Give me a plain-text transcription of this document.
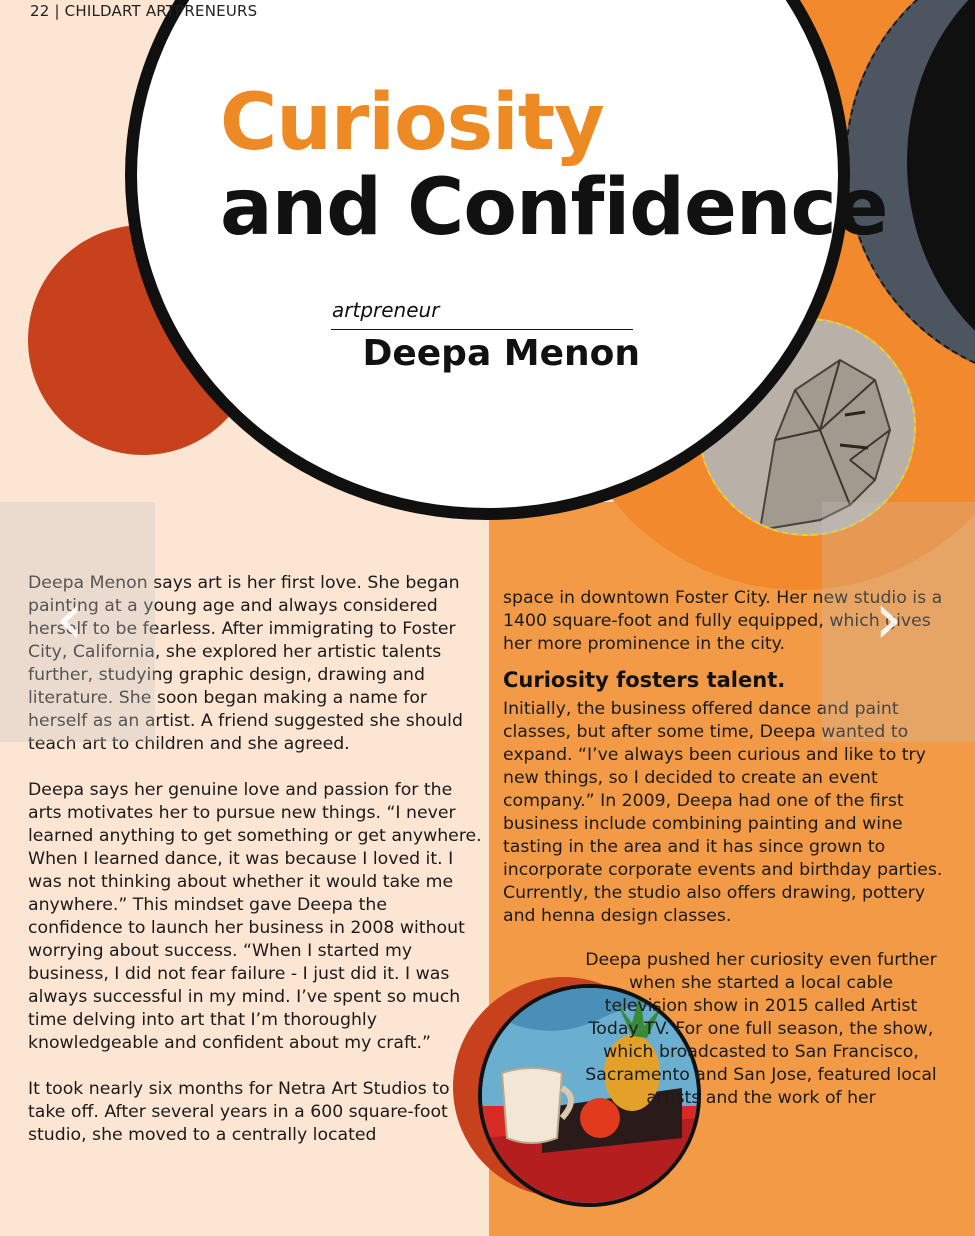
22 | CHILDART ARTPRENEURS
Curiosity
and Confidence
artpreneur
Deepa Menon

Deepa Menon says art is her first love. She began painting at a young age and always considered herself to be fearless. After immigrating to Foster City, California, she explored her artistic talents further, studying graphic design, drawing and literature. She soon began making a name for herself as an artist. A friend suggested she should teach art to children and she agreed.

Deepa says her genuine love and passion for the arts motivates her to pursue new things. “I never learned anything to get something or get anywhere. When I learned dance, it was because I loved it. I was not thinking about whether it would take me anywhere.” This mindset gave Deepa the confidence to launch her business in 2008 without worrying about success. “When I started my business, I did not fear failure - I just did it. I was always successful in my mind. I’ve spent so much time delving into art that I’m thoroughly knowledgeable and confident about my craft.”

It took nearly six months for Netra Art Studios to take off. After several years in a 600 square-foot studio, she moved to a centrally located

space in downtown Foster City. Her new studio is a 1400 square-foot and fully equipped, which gives her more prominence in the city.

Curiosity fosters talent.

Initially, the business offered dance and paint classes, but after some time, Deepa wanted to expand. “I’ve always been curious and like to try new things, so I decided to create an event company.” In 2009, Deepa had one of the first business include combining painting and wine tasting in the area and it has since grown to incorporate corporate events and birthday parties. Currently, the studio also offers drawing, pottery and henna design classes.

Deepa pushed her curiosity even further when she started a local cable television show in 2015 called Artist Today TV. For one full season, the show, which broadcasted to San Francisco, Sacramento and San Jose, featured local artists and the work of her
‹	›
